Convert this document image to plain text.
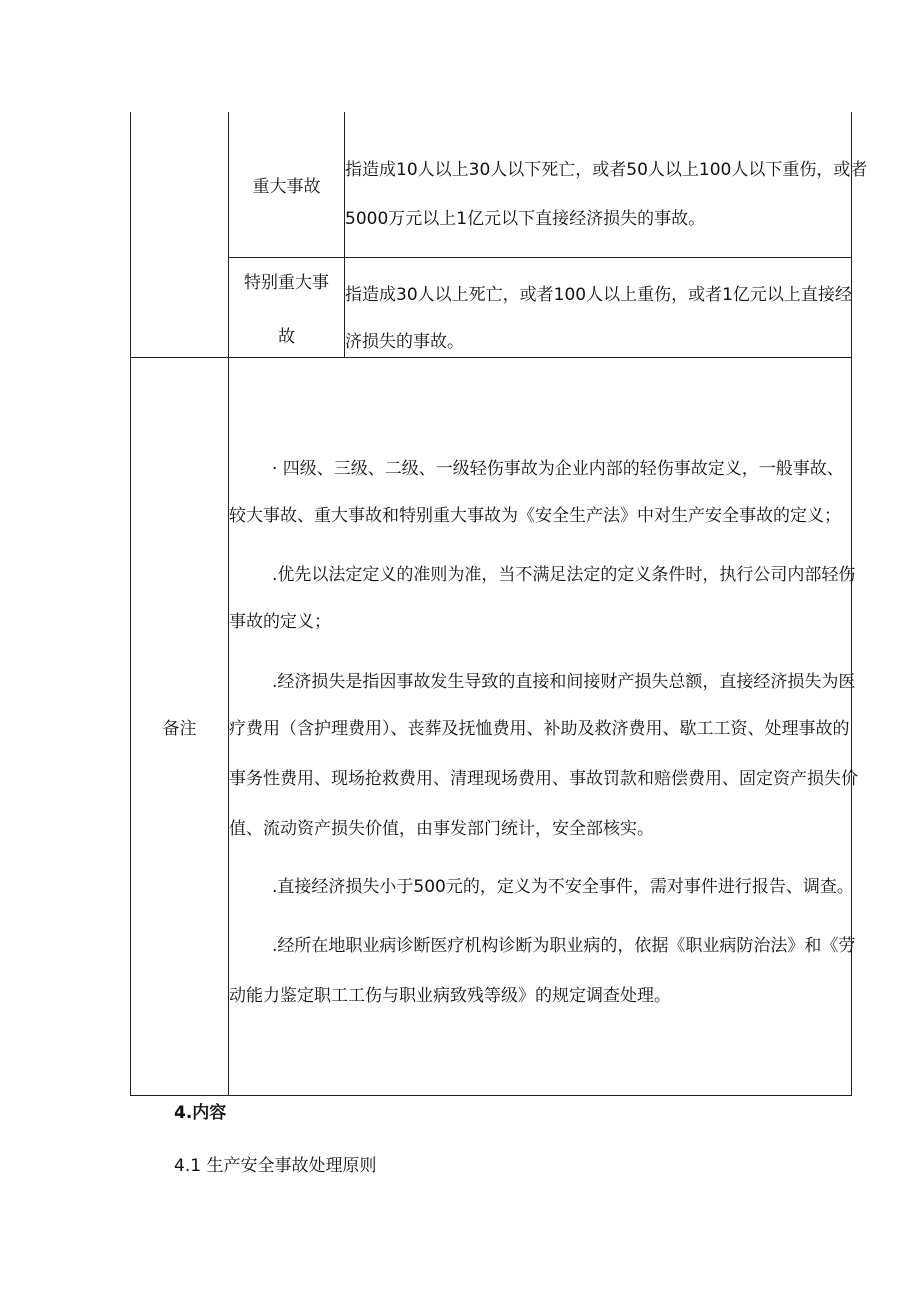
重大事故
指造成10人以上30人以下死亡，或者50人以上100人以下重伤，或者
5000万元以上1亿元以下直接经济损失的事故。
特别重大事
故
指造成30人以上死亡，或者100人以上重伤，或者1亿元以上直接经
济损失的事故。
备注
· 四级、三级、二级、一级轻伤事故为企业内部的轻伤事故定义，一般事故、
较大事故、重大事故和特别重大事故为《安全生产法》中对生产安全事故的定义；
.优先以法定定义的准则为准，当不满足法定的定义条件时，执行公司内部轻伤
事故的定义；
.经济损失是指因事故发生导致的直接和间接财产损失总额，直接经济损失为医
疗费用（含护理费用）、丧葬及抚恤费用、补助及救济费用、歇工工资、处理事故的
事务性费用、现场抢救费用、清理现场费用、事故罚款和赔偿费用、固定资产损失价
值、流动资产损失价值，由事发部门统计，安全部核实。
.直接经济损失小于500元的，定义为不安全事件，需对事件进行报告、调查。
.经所在地职业病诊断医疗机构诊断为职业病的，依据《职业病防治法》和《劳
动能力鉴定职工工伤与职业病致残等级》的规定调查处理。
4.内容
4.1 生产安全事故处理原则
